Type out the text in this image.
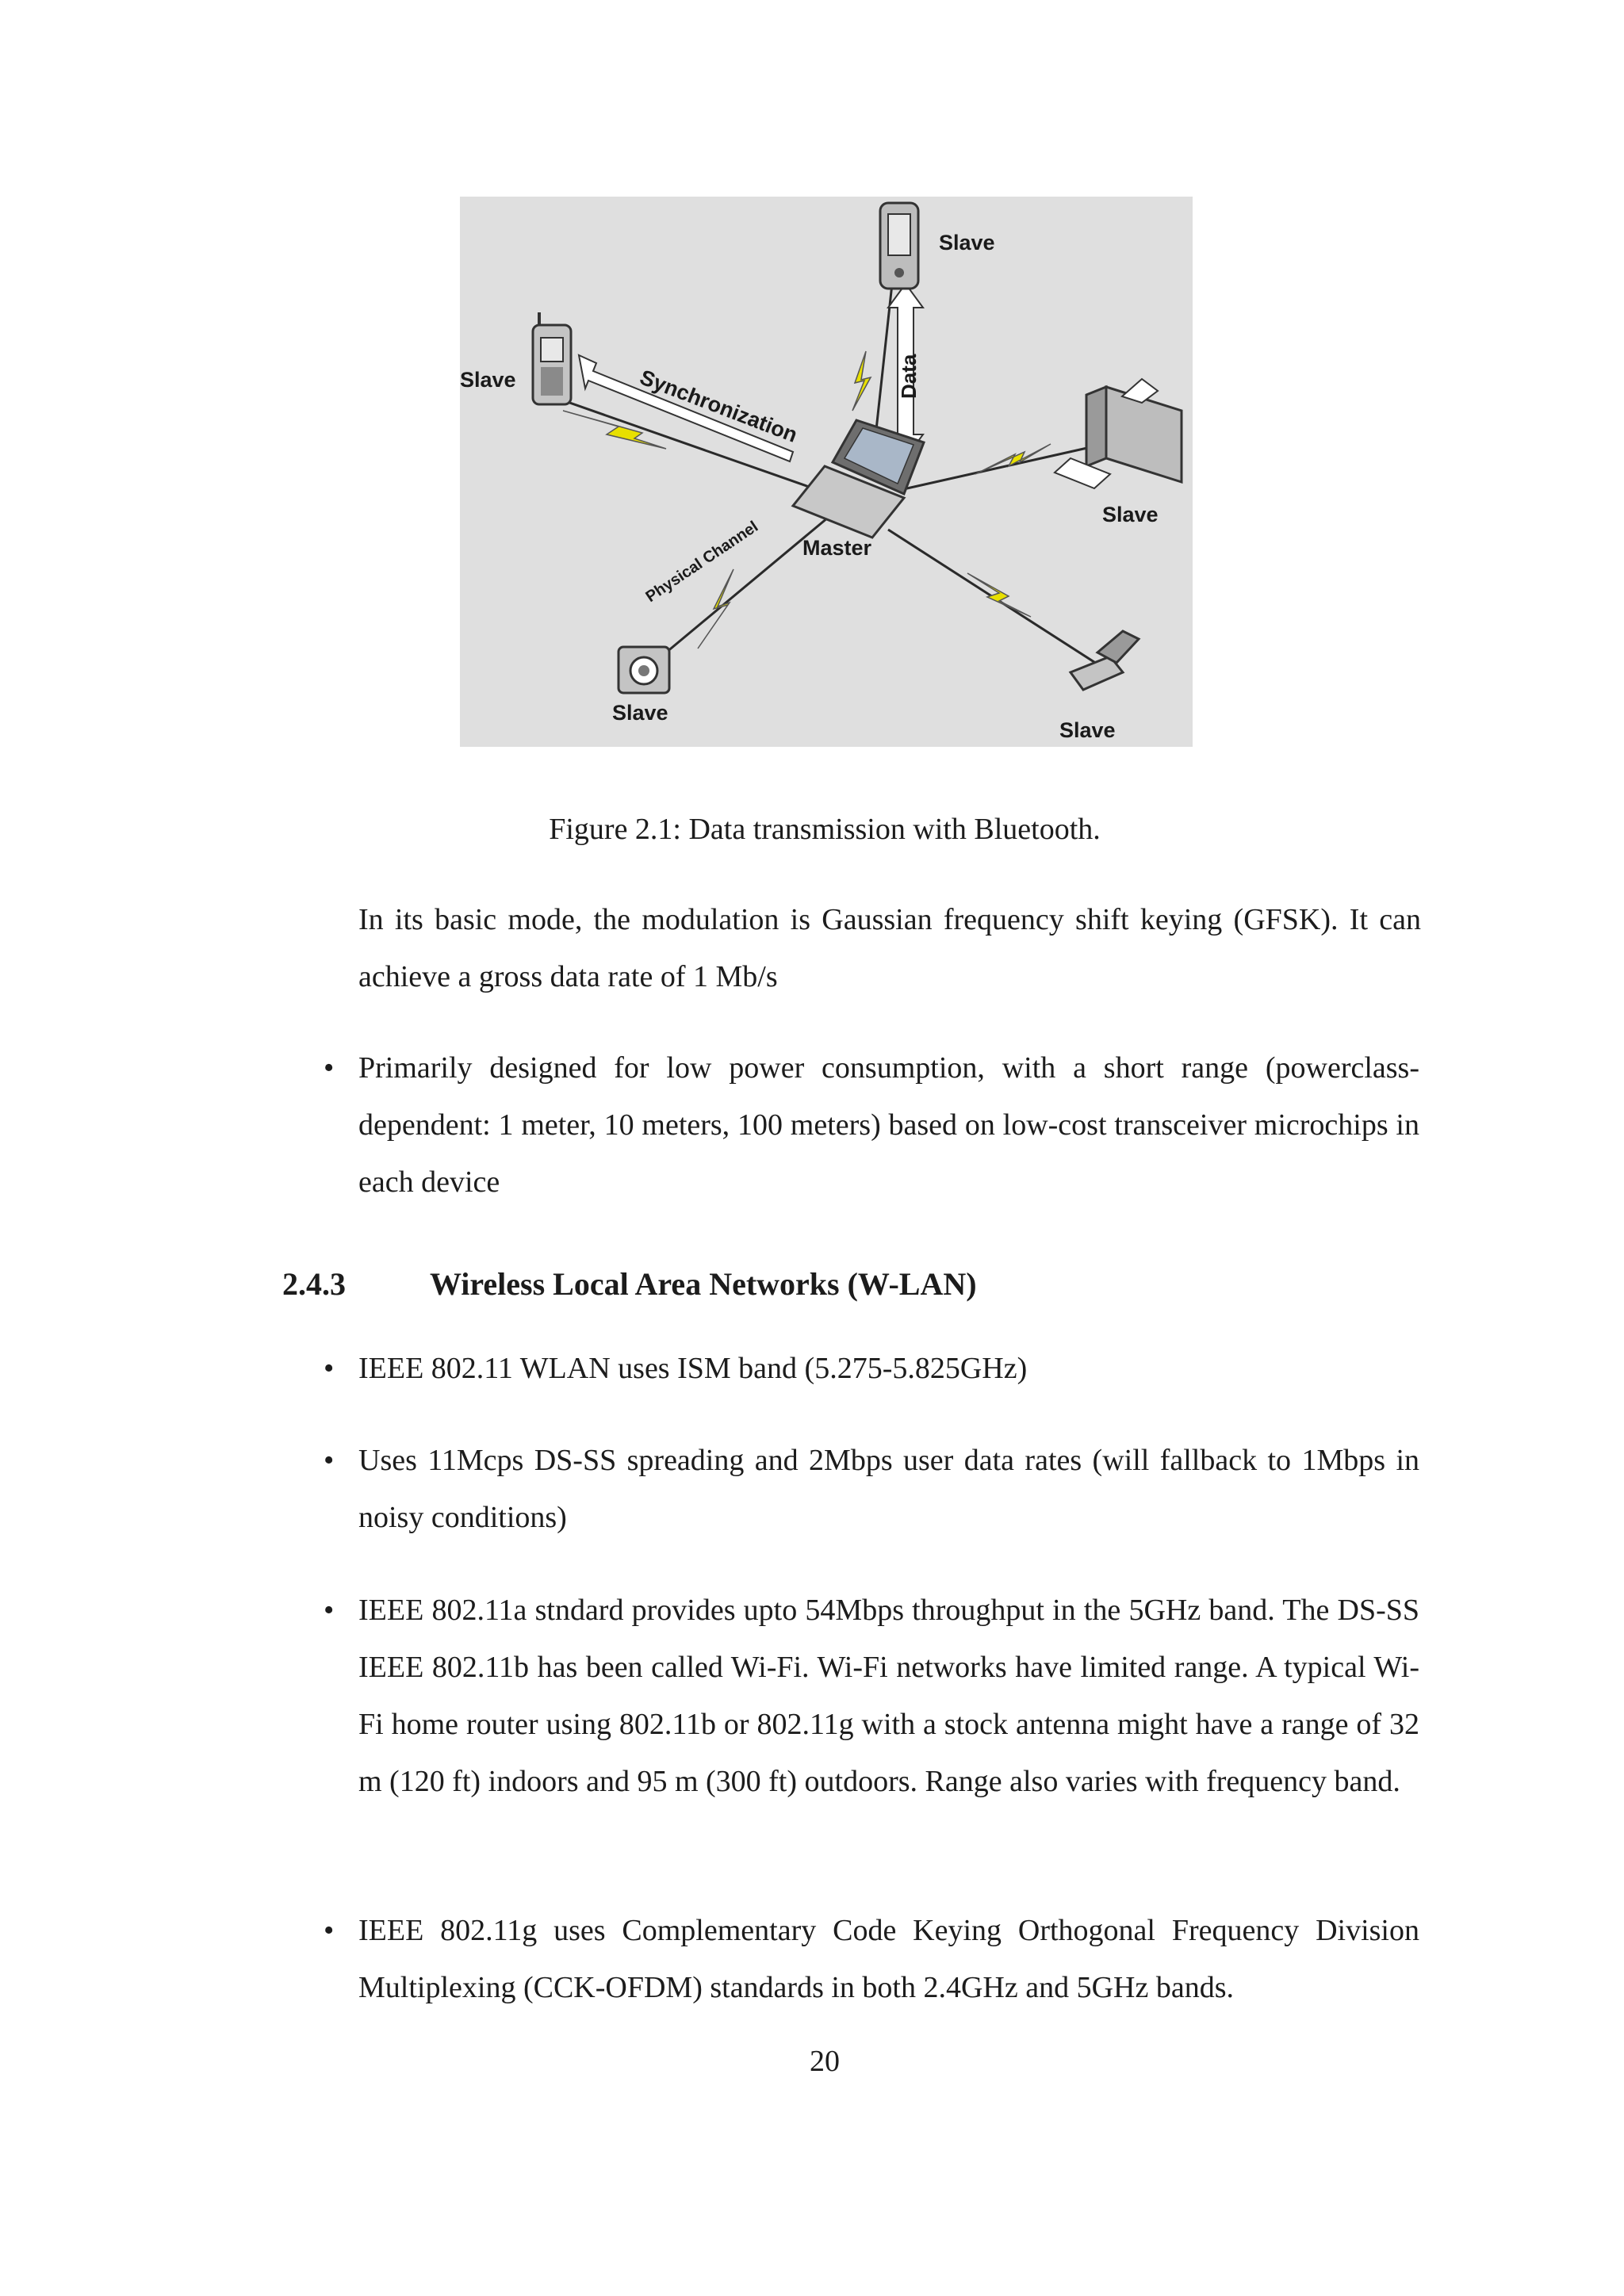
Synchronization	Data
Physical Channel Master
Slave
Slave
Slave
Slave
Slave
Figure 2.1: Data transmission with Bluetooth.
In its basic mode, the modulation is Gaussian frequency shift keying (GFSK). It can achieve a gross data rate of 1 Mb/s
• Primarily designed for low power consumption, with a short range (powerclass-dependent: 1 meter, 10 meters, 100 meters) based on low-cost transceiver microchips in each device
2.4.3	Wireless Local Area Networks (W-LAN)
• IEEE 802.11 WLAN uses ISM band (5.275-5.825GHz)
• Uses 11Mcps DS-SS spreading and 2Mbps user data rates (will fallback to 1Mbps in noisy conditions)
• IEEE 802.11a stndard provides upto 54Mbps throughput in the 5GHz band. The DS-SS IEEE 802.11b has been called Wi-Fi. Wi-Fi networks have limited range. A typical Wi-Fi home router using 802.11b or 802.11g with a stock antenna might have a range of 32 m (120 ft) indoors and 95 m (300 ft) outdoors. Range also varies with frequency band.
• IEEE 802.11g uses Complementary Code Keying Orthogonal Frequency Division Multiplexing (CCK-OFDM) standards in both 2.4GHz and 5GHz bands.
20
